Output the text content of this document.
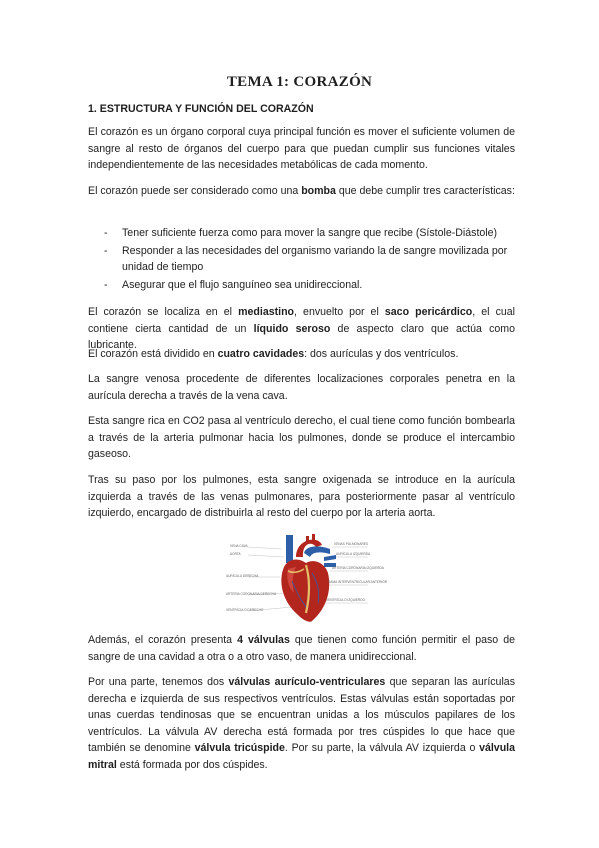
TEMA 1: CORAZÓN
1. ESTRUCTURA Y FUNCIÓN DEL CORAZÓN

El corazón es un órgano corporal cuya principal función es mover el suficiente volumen de sangre al resto de órganos del cuerpo para que puedan cumplir sus funciones vitales independientemente de las necesidades metabólicas de cada momento.

El corazón puede ser considerado como una bomba que debe cumplir tres características:

- Tener suficiente fuerza como para mover la sangre que recibe (Sístole-Diástole)
- Responder a las necesidades del organismo variando la de sangre movilizada por unidad de tiempo
- Asegurar que el flujo sanguíneo sea unidireccional.

El corazón se localiza en el mediastino, envuelto por el saco pericárdico, el cual contiene cierta cantidad de un líquido seroso de aspecto claro que actúa como lubricante.

El corazón está dividido en cuatro cavidades: dos aurículas y dos ventrículos.

La sangre venosa procedente de diferentes localizaciones corporales penetra en la aurícula derecha a través de la vena cava.

Esta sangre rica en CO2 pasa al ventrículo derecho, el cual tiene como función bombearla a través de la arteria pulmonar hacia los pulmones, donde se produce el intercambio gaseoso.

Tras su paso por los pulmones, esta sangre oxigenada se introduce en la aurícula izquierda a través de las venas pulmonares, para posteriormente pasar al ventrículo izquierdo, encargado de distribuirla al resto del cuerpo por la arteria aorta.

VENA CAVA
AORTA
AURÍCULA DERECHA
ARTERIA CORONARIA DERECHA
VENTRÍCULO DERECHO
VENAS PULMONARES
AURÍCULA IZQUIERDA
ARTERIA CORONARIA IZQUIERDA
RAMA INTERVENTRICULAR ANTERIOR
VENTRÍCULO IZQUIERDO

Además, el corazón presenta 4 válvulas que tienen como función permitir el paso de sangre de una cavidad a otra o a otro vaso, de manera unidireccional.

Por una parte, tenemos dos válvulas aurículo-ventriculares que separan las aurículas derecha e izquierda de sus respectivos ventrículos. Estas válvulas están soportadas por unas cuerdas tendinosas que se encuentran unidas a los músculos papilares de los ventrículos. La válvula AV derecha está formada por tres cúspides lo que hace que también se denomine válvula tricúspide. Por su parte, la válvula AV izquierda o válvula mitral está formada por dos cúspides.
